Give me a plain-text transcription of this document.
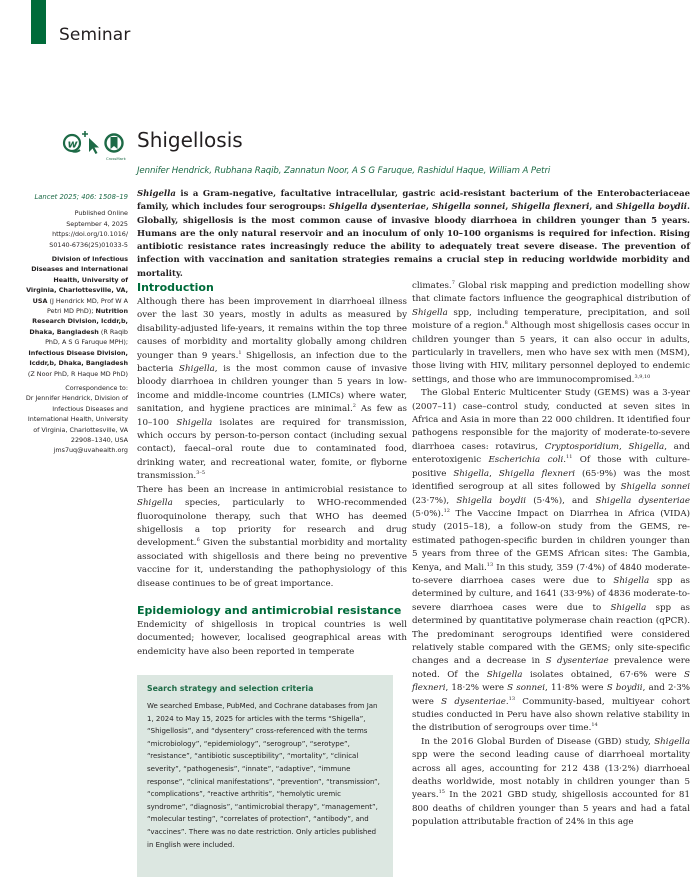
Seminar
w
CrossMark
Shigellosis
Jennifer Hendrick, Rubhana Raqib, Zannatun Noor, A S G Faruque, Rashidul Haque, William A Petri
Lancet 2025; 406: 1508–19
Published Online
September 4, 2025
https://doi.org/10.1016/
S0140-6736(25)01033-5
Division of Infectious Diseases and International Health, University of Virginia, Charlottesville, VA, USA (J Hendrick MD, Prof W A Petri MD PhD); Nutrition Research Division, Icddr,b, Dhaka, Bangladesh (R Raqib PhD, A S G Faruque MPH); Infectious Disease Division, Icddr,b, Dhaka, Bangladesh (Z Noor PhD, R Haque MD PhD)
Correspondence to:
Dr Jennifer Hendrick, Division of Infectious Diseases and International Health, University of Virginia, Charlottesville, VA 22908–1340, USA
jms7uq@uvahealth.org
Shigella is a Gram-negative, facultative intracellular, gastric acid-resistant bacterium of the Enterobacteriaceae family, which includes four serogroups: Shigella dysenteriae, Shigella sonnei, Shigella flexneri, and Shigella boydii. Globally, shigellosis is the most common cause of invasive bloody diarrhoea in children younger than 5 years. Humans are the only natural reservoir and an inoculum of only 10–100 organisms is required for infection. Rising antibiotic resistance rates increasingly reduce the ability to adequately treat severe disease. The prevention of infection with vaccination and sanitation strategies remains a crucial step in reducing worldwide morbidity and mortality.
Introduction

Although there has been improvement in diarrhoeal illness over the last 30 years, mostly in adults as measured by disability-adjusted life-years, it remains within the top three causes of morbidity and mortality globally among children younger than 9 years.$^1$ Shigellosis, an infection due to the bacteria Shigella, is the most common cause of invasive bloody diarrhoea in children younger than 5 years in low-income and middle-income countries (LMICs) where water, sanitation, and hygiene practices are minimal.$^2$ As few as 10–100 Shigella isolates are required for transmission, which occurs by person-to-person contact (including sexual contact), faecal–oral route due to contaminated food, drinking water, and recreational water, fomite, or flyborne transmission.$^{3-5}$
There has been an increase in antimicrobial resistance to Shigella species, particularly to WHO-recommended fluoroquinolone therapy, such that WHO has deemed shigellosis a top priority for research and drug development.$^6$ Given the substantial morbidity and mortality associated with shigellosis and there being no preventive vaccine for it, understanding the pathophysiology of this disease continues to be of great importance.

Epidemiology and antimicrobial resistance

Endemicity of shigellosis in tropical countries is well documented; however, localised geographical areas with endemicity have also been reported in temperate

Search strategy and selection criteria

We searched Embase, PubMed, and Cochrane databases from Jan 1, 2024 to May 15, 2025 for articles with the terms “Shigella”, “Shigellosis”, and “dysentery” cross-referenced with the terms “microbiology”, “epidemiology”, “serogroup”, “serotype”, “resistance”, “antibiotic susceptibility”, “mortality”, “clinical severity”, “pathogenesis”, “innate”, “adaptive”, “immune response”, “clinical manifestations”, “prevention”, “transmission”, “complications”, “reactive arthritis”, “hemolytic uremic syndrome”, “diagnosis”, “antimicrobial therapy”, “management”, “molecular testing”, “correlates of protection”, “antibody”, and “vaccines”. There was no date restriction. Only articles published in English were included.

climates.$^7$ Global risk mapping and prediction modelling show that climate factors influence the geographical distribution of Shigella spp, including temperature, precipitation, and soil moisture of a region.$^8$ Although most shigellosis cases occur in children younger than 5 years, it can also occur in adults, particularly in travellers, men who have sex with men (MSM), those living with HIV, military personnel deployed to endemic settings, and those who are immunocompromised.$^{3,9,10}$

The Global Enteric Multicenter Study (GEMS) was a 3-year (2007–11) case–control study, conducted at seven sites in Africa and Asia in more than 22 000 children. It identified four pathogens responsible for the majority of moderate-to-severe diarrhoea cases: rotavirus, Cryptosporidium, Shigella, and enterotoxigenic Escherichia coli.$^{11}$ Of those with culture-positive Shigella, Shigella flexneri (65·9%) was the most identified serogroup at all sites followed by Shigella sonnei (23·7%), Shigella boydii (5·4%), and Shigella dysenteriae (5·0%).$^{12}$ The Vaccine Impact on Diarrhea in Africa (VIDA) study (2015–18), a follow-on study from the GEMS, re-estimated pathogen-specific burden in children younger than 5 years from three of the GEMS African sites: The Gambia, Kenya, and Mali.$^{13}$ In this study, 359 (7·4%) of 4840 moderate-to-severe diarrhoea cases were due to Shigella spp as determined by culture, and 1641 (33·9%) of 4836 moderate-to-severe diarrhoea cases were due to Shigella spp as determined by quantitative polymerase chain reaction (qPCR). The predominant serogroups identified were considered relatively stable compared with the GEMS; only site-specific changes and a decrease in S dysenteriae prevalence were noted. Of the Shigella isolates obtained, 67·6% were S flexneri, 18·2% were S sonnei, 11·8% were S boydii, and 2·3% were S dysenteriae.$^{13}$ Community-based, multiyear cohort studies conducted in Peru have also shown relative stability in the distribution of serogroups over time.$^{14}$

In the 2016 Global Burden of Disease (GBD) study, Shigella spp were the second leading cause of diarrhoeal mortality across all ages, accounting for 212 438 (13·2%) diarrhoeal deaths worldwide, most notably in children younger than 5 years.$^{15}$ In the 2021 GBD study, shigellosis accounted for 81 800 deaths of children younger than 5 years and had a fatal population attributable fraction of 24% in this age
